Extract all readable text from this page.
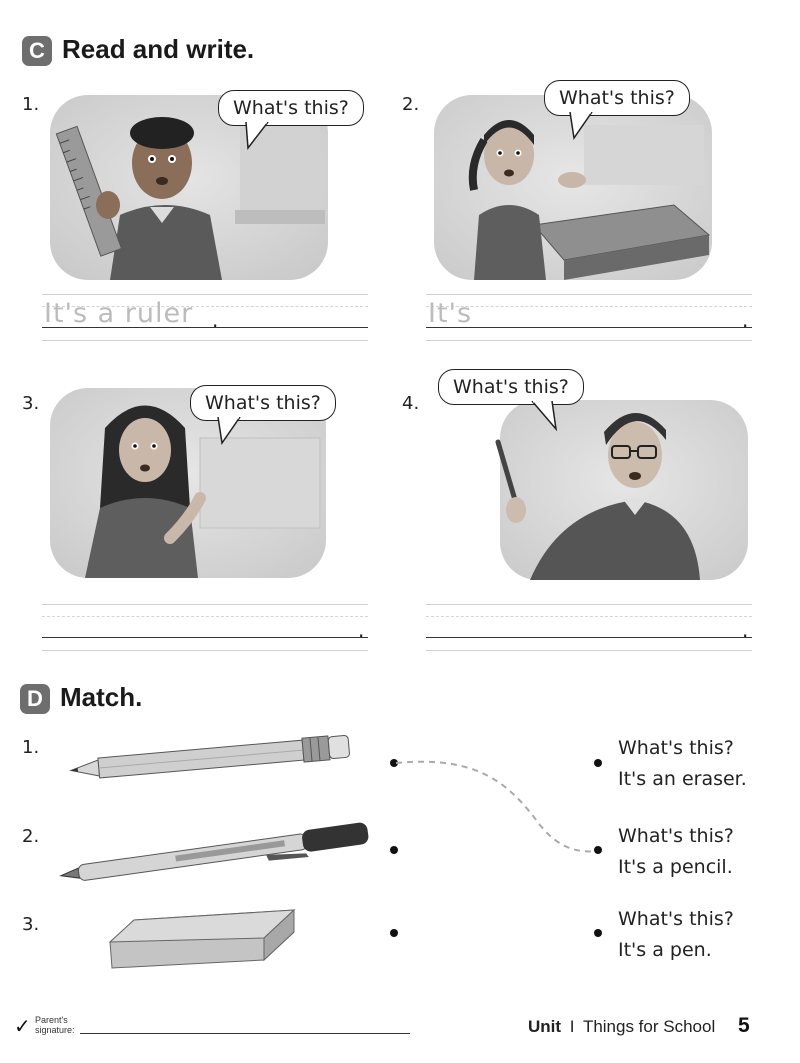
C Read and write.
1.	What's this?
It's a ruler .
2.	What's this?
It's	.
3.	What's this?
.
4.
What's this?
.
D Match.
1.
2.
3.
What's this?
It's an eraser.
What's this?
It's a pencil.
What's this?
It's a pen.
✓ Parent's
signature:	Unit I Things for School 5
